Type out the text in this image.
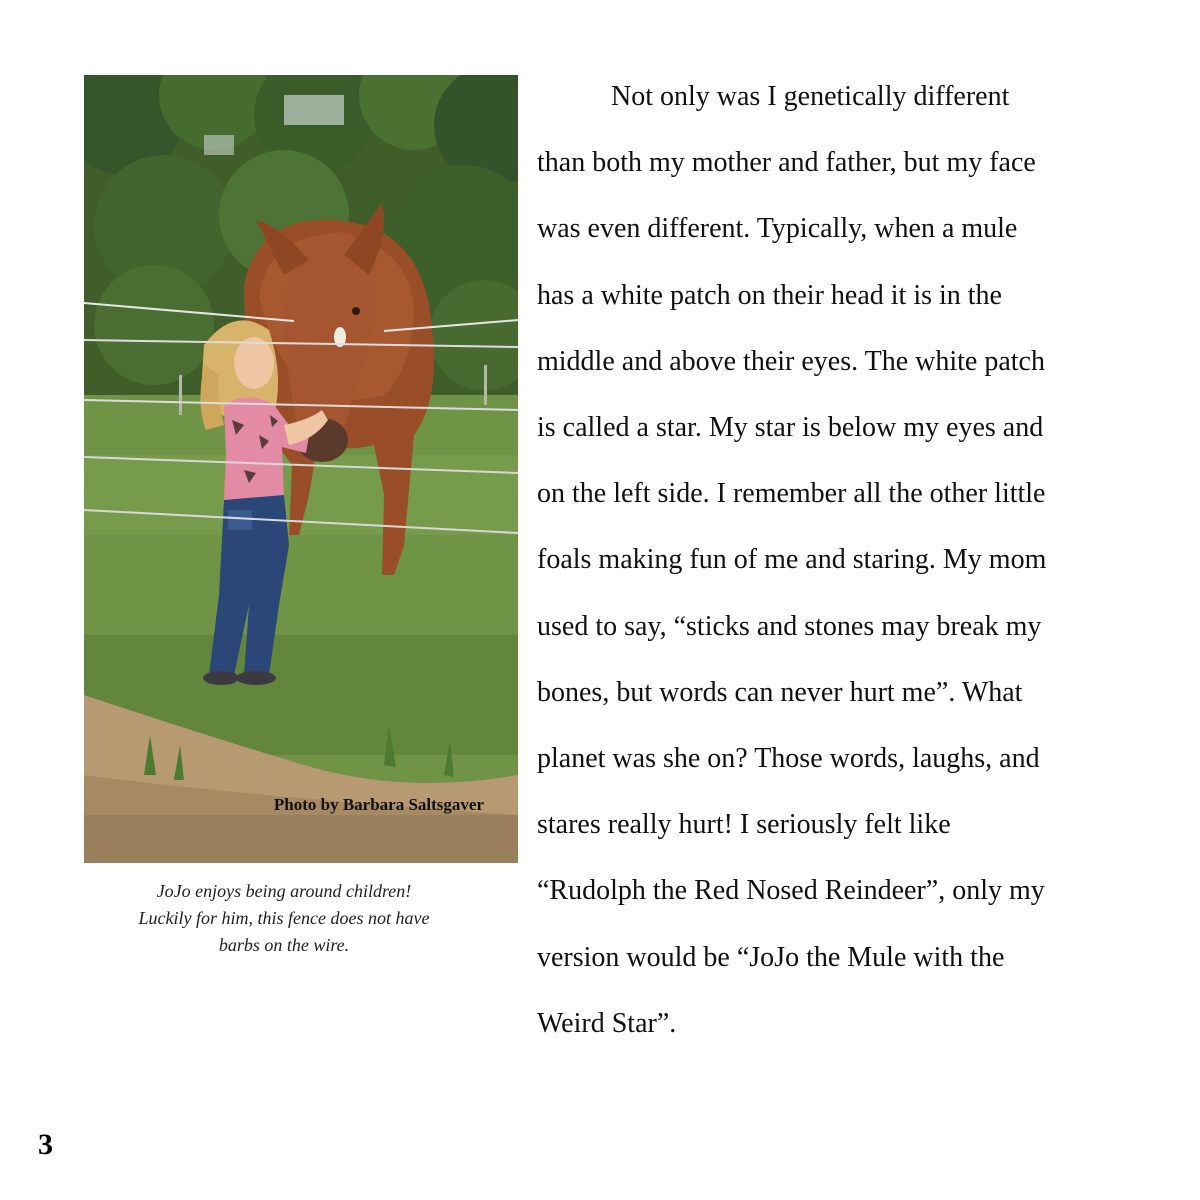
Photo by Barbara Saltsgaver
JoJo enjoys being around children!
Luckily for him, this fence does not have
barbs on the wire.
Not only was I genetically different
than both my mother and father, but my face
was even different. Typically, when a mule
has a white patch on their head it is in the
middle and above their eyes. The white patch
is called a star. My star is below my eyes and
on the left side. I remember all the other little
foals making fun of me and staring. My mom
used to say, “sticks and stones may break my
bones, but words can never hurt me”. What
planet was she on? Those words, laughs, and
stares really hurt! I seriously felt like
“Rudolph the Red Nosed Reindeer”, only my
version would be “JoJo the Mule with the
Weird Star”.
3
